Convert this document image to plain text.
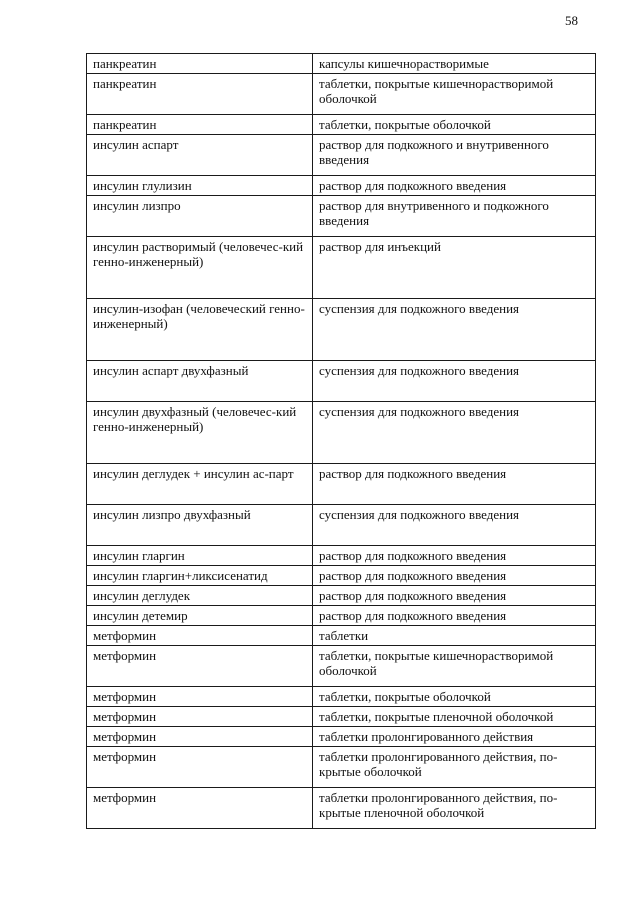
58
панкреатин	капсулы кишечнорастворимые
панкреатин	таблетки, покрытые кишечнорастворимой оболочкой
панкреатин	таблетки, покрытые оболочкой
инсулин аспарт	раствор для подкожного и внутривенного введения
инсулин глулизин	раствор для подкожного введения
инсулин лизпро	раствор для внутривенного и подкожного введения
инсулин растворимый (человечес-кий генно-инженерный)	раствор для инъекций
инсулин-изофан (человеческий генно-инженерный)	суспензия для подкожного введения
инсулин аспарт двухфазный	суспензия для подкожного введения
инсулин двухфазный (человечес-кий генно-инженерный)	суспензия для подкожного введения
инсулин деглудек + инсулин ас-парт	раствор для подкожного введения
инсулин лизпро двухфазный	суспензия для подкожного введения
инсулин гларгин	раствор для подкожного введения
инсулин гларгин+ликсисенатид	раствор для подкожного введения
инсулин деглудек	раствор для подкожного введения
инсулин детемир	раствор для подкожного введения
метформин	таблетки
метформин	таблетки, покрытые кишечнорастворимой оболочкой
метформин	таблетки, покрытые оболочкой
метформин	таблетки, покрытые пленочной оболочкой
метформин	таблетки пролонгированного действия
метформин	таблетки пролонгированного действия, по-крытые оболочкой
метформин	таблетки пролонгированного действия, по-крытые пленочной оболочкой
